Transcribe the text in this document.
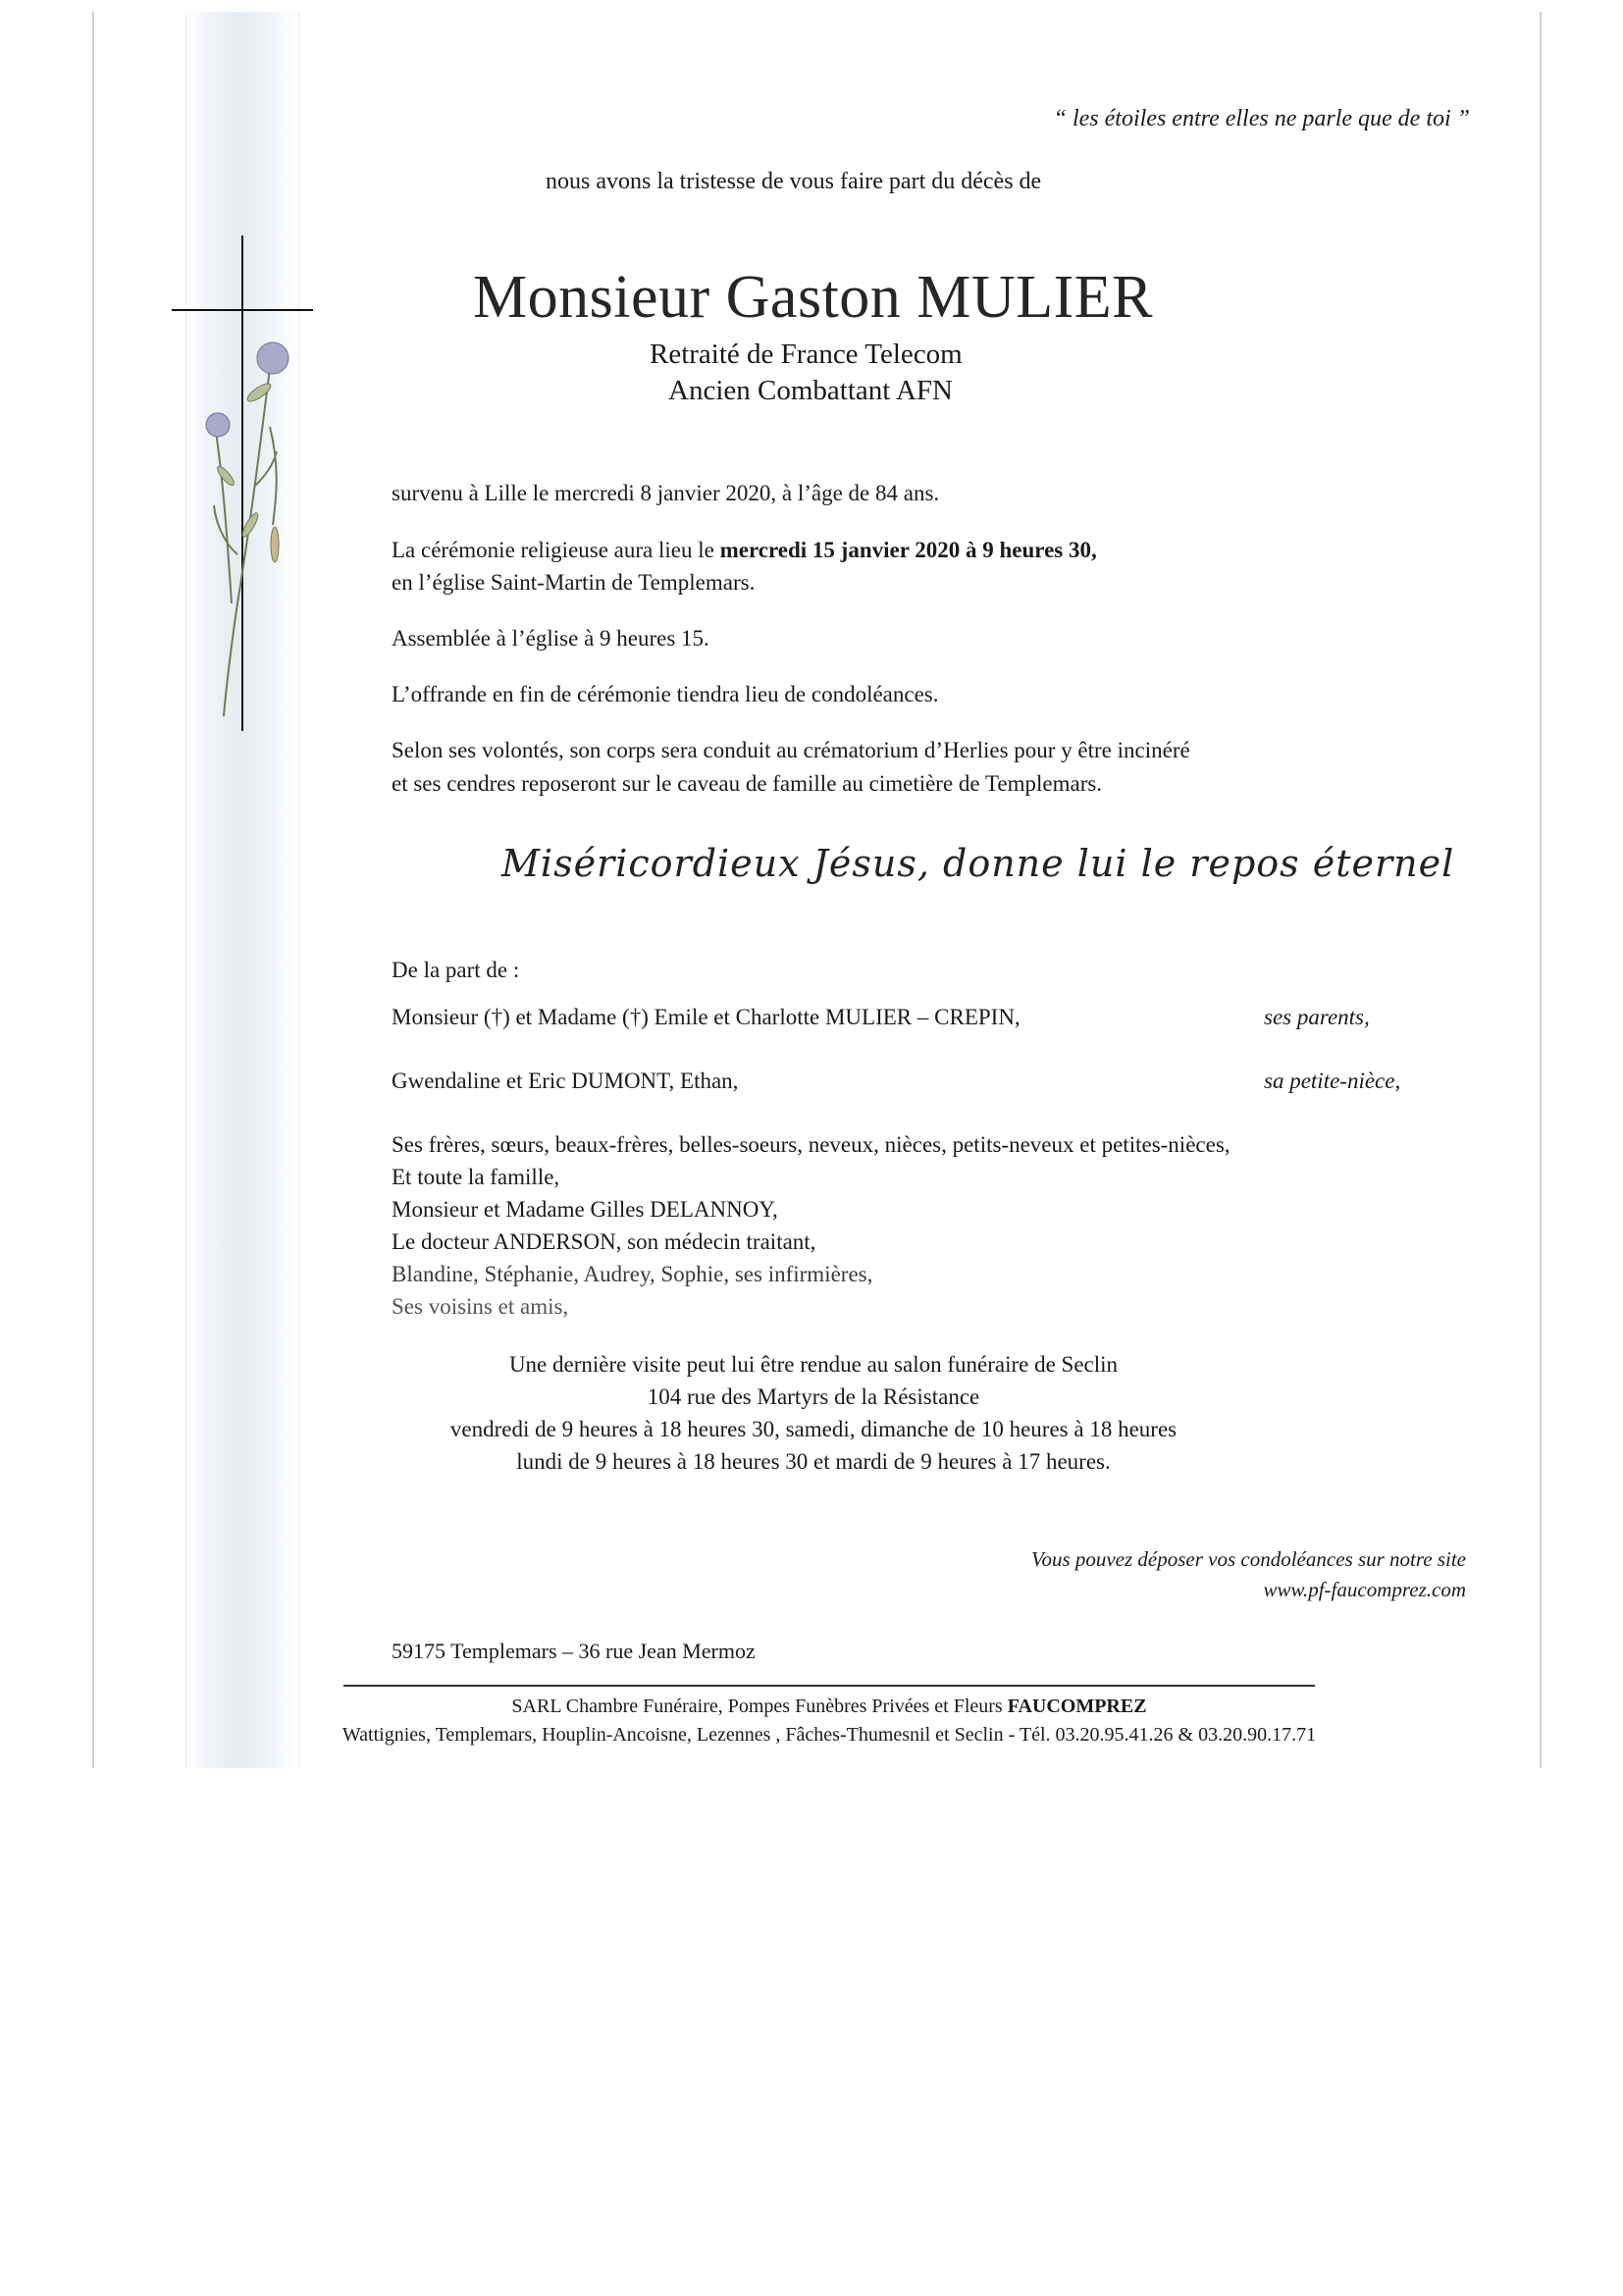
“ les étoiles entre elles ne parle que de toi ”
nous avons la tristesse de vous faire part du décès de
Monsieur Gaston MULIER
Retraité de France Telecom
Ancien Combattant AFN
survenu à Lille le mercredi 8 janvier 2020, à l’âge de 84 ans.
La cérémonie religieuse aura lieu le mercredi 15 janvier 2020 à 9 heures 30,
en l’église Saint-Martin de Templemars.
Assemblée à l’église à 9 heures 15.
L’offrande en fin de cérémonie tiendra lieu de condoléances.
Selon ses volontés, son corps sera conduit au crématorium d’Herlies pour y être incinéré
et ses cendres reposeront sur le caveau de famille au cimetière de Templemars.
Miséricordieux Jésus, donne lui le repos éternel
De la part de :
Monsieur (†) et Madame (†) Emile et Charlotte MULIER – CREPIN,	ses parents,
Gwendaline et Eric DUMONT, Ethan,	sa petite-nièce,
Ses frères, sœurs, beaux-frères, belles-soeurs, neveux, nièces, petits-neveux et petites-nièces,
Et toute la famille,
Monsieur et Madame Gilles DELANNOY,
Le docteur ANDERSON, son médecin traitant,
Blandine, Stéphanie, Audrey, Sophie, ses infirmières,
Ses voisins et amis,
Une dernière visite peut lui être rendue au salon funéraire de Seclin
104 rue des Martyrs de la Résistance
vendredi de 9 heures à 18 heures 30, samedi, dimanche de 10 heures à 18 heures
lundi de 9 heures à 18 heures 30 et mardi de 9 heures à 17 heures.
Vous pouvez déposer vos condoléances sur notre site
www.pf-faucomprez.com
59175 Templemars – 36 rue Jean Mermoz
SARL Chambre Funéraire, Pompes Funèbres Privées et Fleurs FAUCOMPREZ
Wattignies, Templemars, Houplin-Ancoisne, Lezennes , Fâches-Thumesnil et Seclin - Tél. 03.20.95.41.26 & 03.20.90.17.71
